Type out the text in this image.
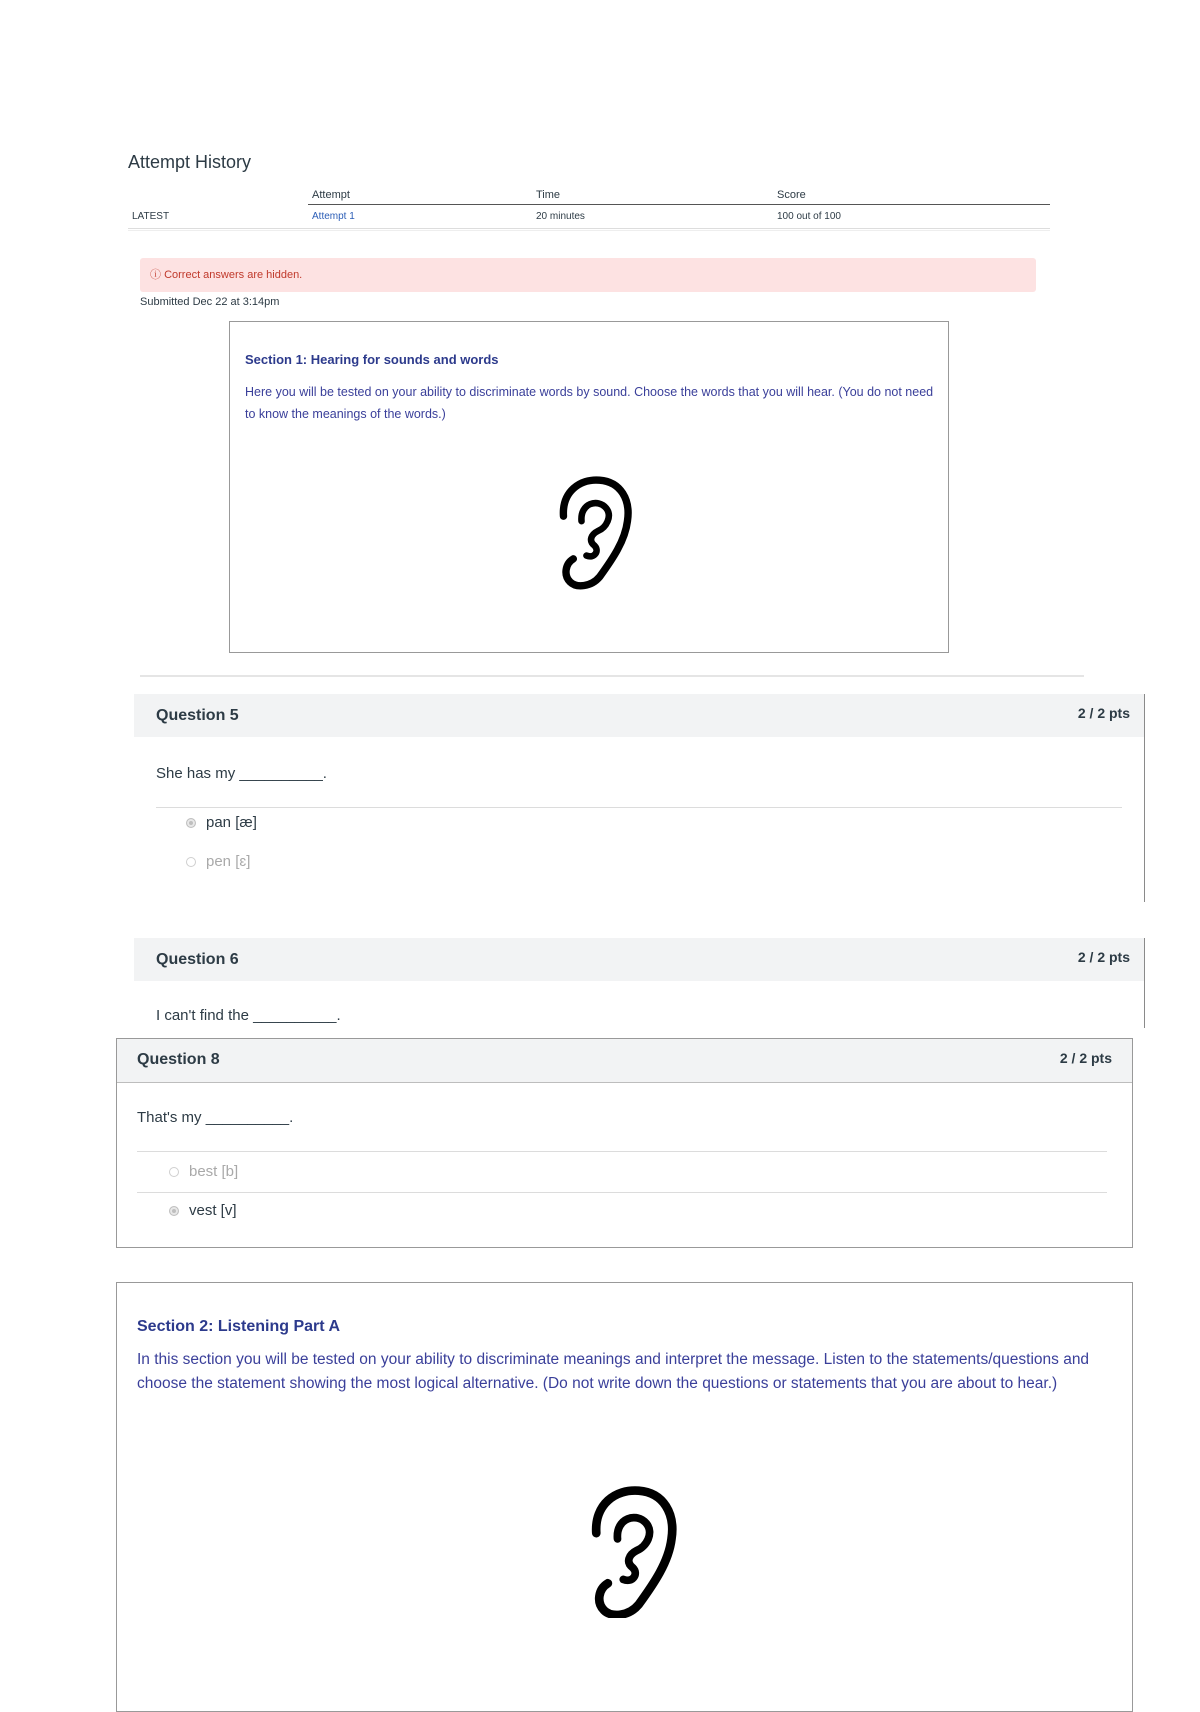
Attempt History
	Attempt	Time	Score
LATEST	Attempt 1	20 minutes	100 out of 100
ⓘ Correct answers are hidden.
Submitted Dec 22 at 3:14pm
Section 1: Hearing for sounds and words
Here you will be tested on your ability to discriminate words by sound. Choose the words that you will hear. (You do not need to know the meanings of the words.)
Question 5	2 / 2 pts
She has my __________.
pan [æ]
pen [ɛ]
Question 6	2 / 2 pts
I can't find the __________.
Question 8	2 / 2 pts
That's my __________.
best [b]
vest [v]
Section 2: Listening Part A
In this section you will be tested on your ability to discriminate meanings and interpret the message. Listen to the statements/questions and choose the statement showing the most logical alternative. (Do not write down the questions or statements that you are about to hear.)
